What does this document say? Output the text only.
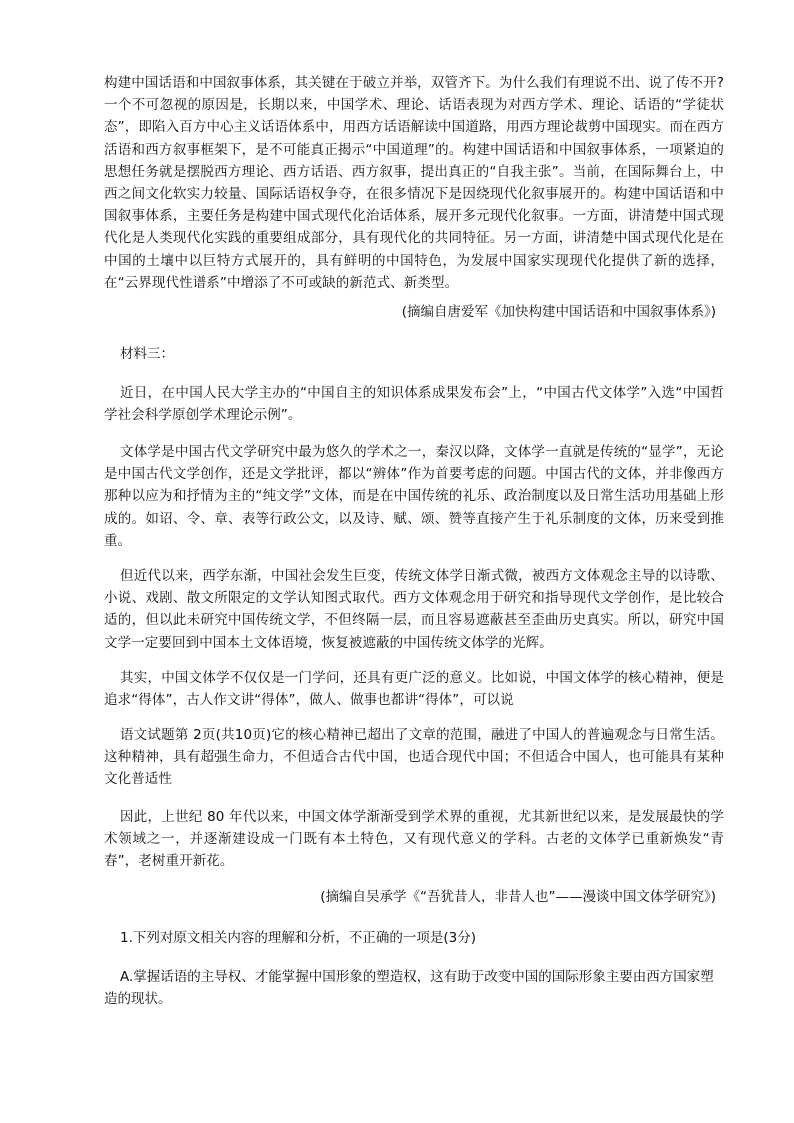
构建中国话语和中国叙事体系，其关键在于破立并举，双管齐下。为什么我们有理说不出、说了传不开?一个不可忽视的原因是，长期以来，中国学术、理论、话语表现为对西方学术、理论、话语的“学徒状态”，即陷入百方中心主义话语体系中，用西方话语解读中国道路，用西方理论裁剪中国现实。而在西方活语和西方叙事框架下，是不可能真正揭示“中国道理”的。构建中国话语和中国叙事体系，一项紧迫的思想任务就是摆脱西方理论、西方话语、西方叙事，提出真正的“自我主张”。当前，在国际舞台上，中西之间文化软实力较量、国际话语权争夺，在很多情况下是因绕现代化叙事展开的。构建中国话语和中国叙事体系，主要任务是构建中国式现代化治话体系，展开多元现代化叙事。一方面，讲清楚中国式现代化是人类现代化实践的重要组成部分，具有现代化的共同特征。另一方面，讲清楚中国式现代化是在中国的土壤中以巨特方式展开的，具有鲜明的中国特色，为发展中国家实现现代化提供了新的选择，在“云界现代性谱系”中增添了不可或缺的新范式、新类型。

(摘编自唐爱军《加快构建中国话语和中国叙事体系》)

材料三：

近日，在中国人民大学主办的“中国自主的知识体系成果发布会”上，“中国古代文体学”入选“中国哲学社会科学原创学术理论示例”。

文体学是中国古代文学研究中最为悠久的学术之一，秦汉以降，文体学一直就是传统的“显学”，无论是中国古代文学创作，还是文学批评，都以“辨体”作为首要考虑的问题。中国古代的文体，并非像西方那种以应为和抒情为主的“纯文学”文体，而是在中国传统的礼乐、政治制度以及日常生活功用基础上形成的。如诏、令、章、表等行政公文，以及诗、赋、颂、赞等直接产生于礼乐制度的文体，历来受到推重。

但近代以来，西学东渐，中国社会发生巨变，传统文体学日渐式微，被西方文体观念主导的以诗歌、小说、戏剧、散文所限定的文学认知图式取代。西方文体观念用于研究和指导现代文学创作，是比较合适的，但以此未研究中国传统文学，不但终隔一层，而且容易遮蔽甚至歪曲历史真实。所以，研究中国文学一定要回到中国本土文体语境，恢复被遮蔽的中国传统文体学的光辉。

其实，中国文体学不仅仅是一门学问，还具有更广泛的意义。比如说，中国文体学的核心精神，便是追求“得体”，古人作文讲“得体”，做人、做事也都讲“得体”，可以说

语文试题第 2页(共10页)它的核心精神已超出了文章的范围，融进了中国人的普遍观念与日常生活。这种精神，具有超强生命力，不但适合古代中国，也适合现代中国；不但适合中国人，也可能具有某种文化普适性

因此，上世纪 80 年代以来，中国文体学渐渐受到学术界的重视，尤其新世纪以来，是发展最快的学术领域之一，并逐渐建设成一门既有本土特色，又有现代意义的学科。古老的文体学已重新焕发“青春”，老树重开新花。

(摘编自吴承学《“吾犹昔人，非昔人也”——漫谈中国文体学研究》)

1.下列对原文相关内容的理解和分析，不正确的一项是(3分)

A.掌握话语的主导权、才能掌握中国形象的塑造权，这有助于改变中国的国际形象主要由西方国家塑造的现状。
